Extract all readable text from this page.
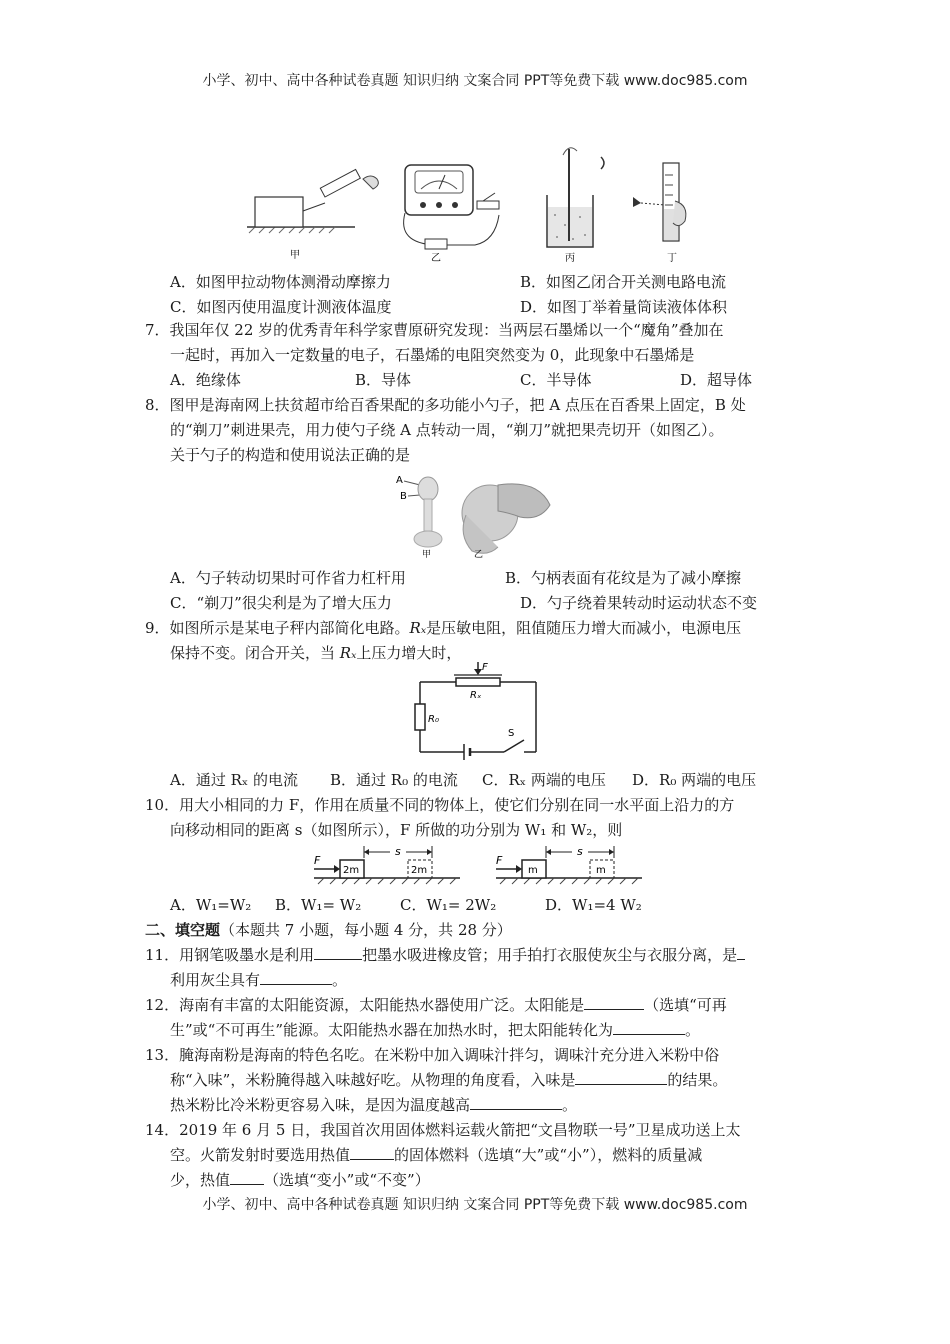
小学、初中、高中各种试卷真题 知识归纳 文案合同 PPT等免费下载 www.doc985.com
甲	乙	丙	丁
A．如图甲拉动物体测滑动摩擦力	B．如图乙闭合开关测电路电流
C．如图丙使用温度计测液体温度	D．如图丁举着量筒读液体体积
7．我国年仅 22 岁的优秀青年科学家曹原研究发现：当两层石墨烯以一个“魔角”叠加在
一起时，再加入一定数量的电子，石墨烯的电阻突然变为 0，此现象中石墨烯是
A．绝缘体	B．导体	C．半导体	D．超导体
8．图甲是海南网上扶贫超市给百香果配的多功能小勺子，把 A 点压在百香果上固定，B 处
的“剃刀”刺进果壳，用力使勺子绕 A 点转动一周，“剃刀”就把果壳切开（如图乙）。
关于勺子的构造和使用说法正确的是
A
B
甲	乙
A．勺子转动切果时可作省力杠杆用	B．勺柄表面有花纹是为了减小摩擦
C．“剃刀”很尖利是为了增大压力	D．勺子绕着果转动时运动状态不变
9．如图所示是某电子秤内部简化电路。Rₓ是压敏电阻，阻值随压力增大而减小，电源电压
保持不变。闭合开关，当 Rₓ上压力增大时，
F
Rₓ
R₀
S
A．通过 Rₓ 的电流 B．通过 R₀ 的电流 C．Rₓ 两端的电压 D．R₀ 两端的电压
10．用大小相同的力 F，作用在质量不同的物体上，使它们分别在同一水平面上沿力的方
向移动相同的距离 s（如图所示），F 所做的功分别为 W₁ 和 W₂，则
F
2m	2m
s
F
m	m
s
A．W₁=W₂ B．W₁= W₂	C．W₁= 2W₂	D．W₁=4 W₂
二、填空题（本题共 7 小题，每小题 4 分，共 28 分）
11．用钢笔吸墨水是利用	把墨水吸进橡皮管；用手拍打衣服使灰尘与衣服分离，是
利用灰尘具有	。
12．海南有丰富的太阳能资源，太阳能热水器使用广泛。太阳能是	（选填“可再
生”或“不可再生”能源。太阳能热水器在加热水时，把太阳能转化为	。
13．腌海南粉是海南的特色名吃。在米粉中加入调味汁拌匀，调味汁充分进入米粉中俗
称“入味”，米粉腌得越入味越好吃。从物理的角度看，入味是	的结果。
热米粉比冷米粉更容易入味，是因为温度越高	。
14．2019 年 6 月 5 日，我国首次用固体燃料运载火箭把“文昌物联一号”卫星成功送上太
空。火箭发射时要选用热值	的固体燃料（选填“大”或“小”），燃料的质量减
少，热值 （选填“变小”或“不变”）
小学、初中、高中各种试卷真题 知识归纳 文案合同 PPT等免费下载 www.doc985.com
